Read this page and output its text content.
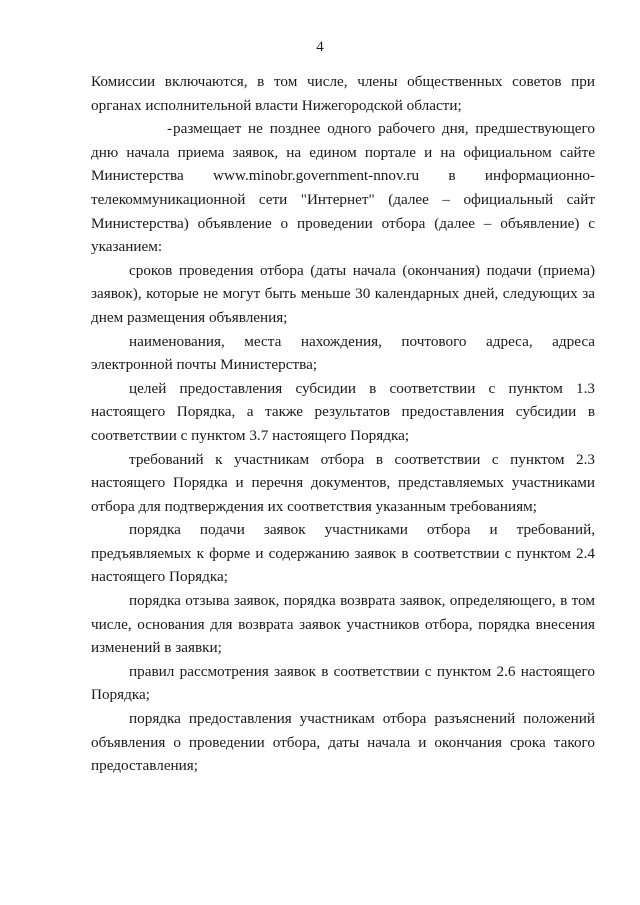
4

Комиссии включаются, в том числе, члены общественных советов при органах исполнительной власти Нижегородской области;

-размещает не позднее одного рабочего дня, предшествующего дню начала приема заявок, на едином портале и на официальном сайте Министерства www.minobr.government-nnov.ru в информационно-телекоммуникационной сети "Интернет" (далее – официальный сайт Министерства) объявление о проведении отбора (далее – объявление) с указанием:

сроков проведения отбора (даты начала (окончания) подачи (приема) заявок), которые не могут быть меньше 30 календарных дней, следующих за днем размещения объявления;

наименования, места нахождения, почтового адреса, адреса электронной почты Министерства;

целей предоставления субсидии в соответствии с пунктом 1.3 настоящего Порядка, а также результатов предоставления субсидии в соответствии с пунктом 3.7 настоящего Порядка;

требований к участникам отбора в соответствии с пунктом 2.3 настоящего Порядка и перечня документов, представляемых участниками отбора для подтверждения их соответствия указанным требованиям;

порядка подачи заявок участниками отбора и требований, предъявляемых к форме и содержанию заявок в соответствии с пунктом 2.4 настоящего Порядка;

порядка отзыва заявок, порядка возврата заявок, определяющего, в том числе, основания для возврата заявок участников отбора, порядка внесения изменений в заявки;

правил рассмотрения заявок в соответствии с пунктом 2.6 настоящего Порядка;

порядка предоставления участникам отбора разъяснений положений объявления о проведении отбора, даты начала и окончания срока такого предоставления;
